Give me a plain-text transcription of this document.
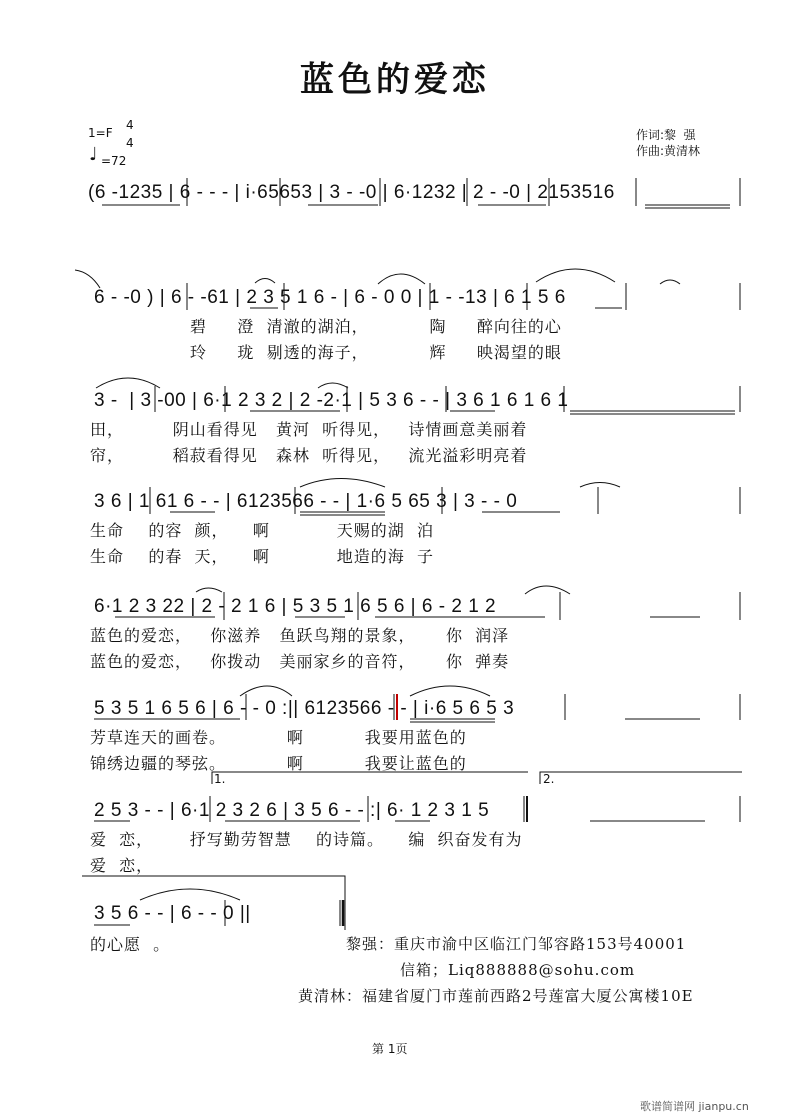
蓝色的爱恋
1=F
4
4
♩ =72
作词:黎  强
作曲:黄清林
(6 -1235 | 6 - - - | i·65653 | 3 - -0 | 6·1232 | 2 - -0 | 2153516
6 - -0 ) | 6 - -61 | 2 3 5 1 6 - | 6 - 0 0 | 1 - -13 | 6 1 5 6
碧     澄  清澈的湖泊，          陶     醉向往的心
玲     珑  剔透的海子，          辉     映渴望的眼
3 -  | 3 -00 | 6·1 2 3 2 | 2 -2·1 | 5 3 6 - - | 3 6 1 6 1 6 1
田，        阴山看得见   黄河  听得见，   诗情画意美丽着
帘，        稻菽看得见   森林  听得见，   流光溢彩明亮着
3 6 | 1 61 6 - - | 6123566 - - | 1·6 5 65 3 | 3 - - 0
生命    的容  颜，    啊           天赐的湖  泊
生命    的春  天，    啊           地造的海  子
6·1 2 3 22 | 2 - 2 1 6 | 5 3 5 1 6 5 6 | 6 - 2 1 2
蓝色的爱恋，   你滋养   鱼跃鸟翔的景象，     你  润泽
蓝色的爱恋，   你拨动   美丽家乡的音符，     你  弹奏
5 3 5 1 6 5 6 | 6 - - 0 :|| 6123566 - - | i·6 5 6 5 3
芳草连天的画卷。          啊          我要用蓝色的
锦绣边疆的琴弦。          啊          我要让蓝色的
1.	2.
2 5 3 - - | 6·1 2 3 2 6 | 3 5 6 - - :| 6· 1 2 3 1 5
爱  恋，      抒写勤劳智慧    的诗篇。    编  织奋发有为
爱  恋，
3 5 6 - - | 6 - - 0 ||
的心愿  。	黎强：重庆市渝中区临江门邹容路153号40001
信箱；Liq888888@sohu.com
黄清林：福建省厦门市莲前西路2号莲富大厦公寓楼10E
第 1页
歌谱简谱网 jianpu.cn
